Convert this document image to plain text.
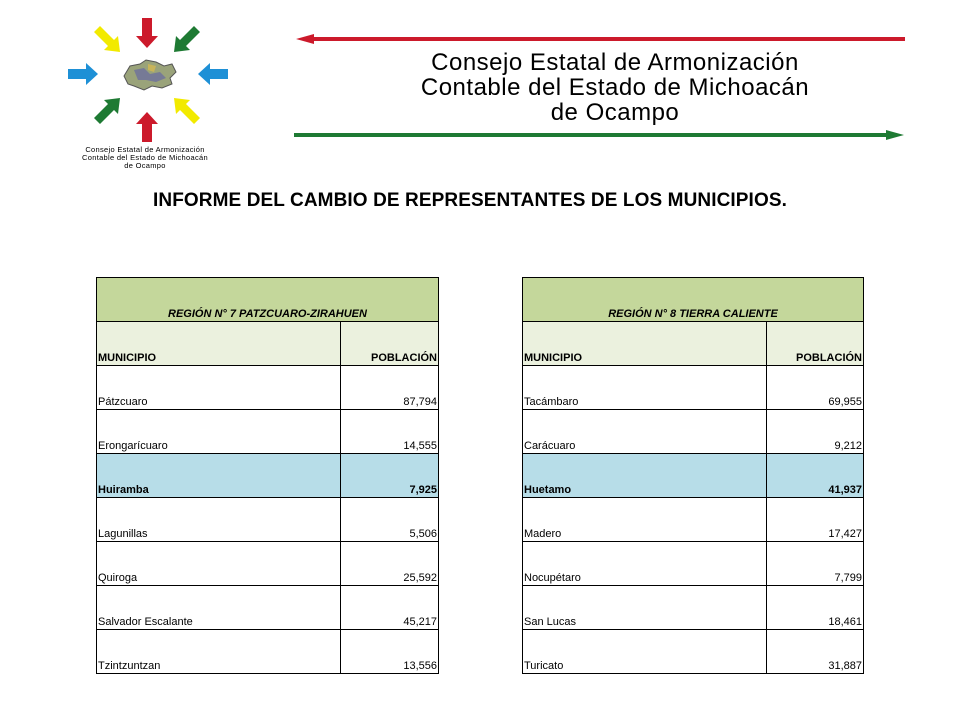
Consejo Estatal de Armonización
Contable del Estado de Michoacán
de Ocampo
Consejo Estatal de Armonización
Contable del Estado de Michoacán
de Ocampo
INFORME DEL CAMBIO DE REPRESENTANTES DE LOS MUNICIPIOS.
REGIÓN N° 7 PATZCUARO-ZIRAHUEN	
MUNICIPIO	POBLACIÓN
Pátzcuaro	87,794
Erongarícuaro	14,555
Huiramba	7,925
Lagunillas	5,506
Quiroga	25,592
Salvador Escalante	45,217
Tzintzuntzan	13,556
REGIÓN N° 8 TIERRA CALIENTE	
MUNICIPIO	POBLACIÓN
Tacámbaro	69,955
Carácuaro	9,212
Huetamo	41,937
Madero	17,427
Nocupétaro	7,799
San Lucas	18,461
Turicato	31,887
